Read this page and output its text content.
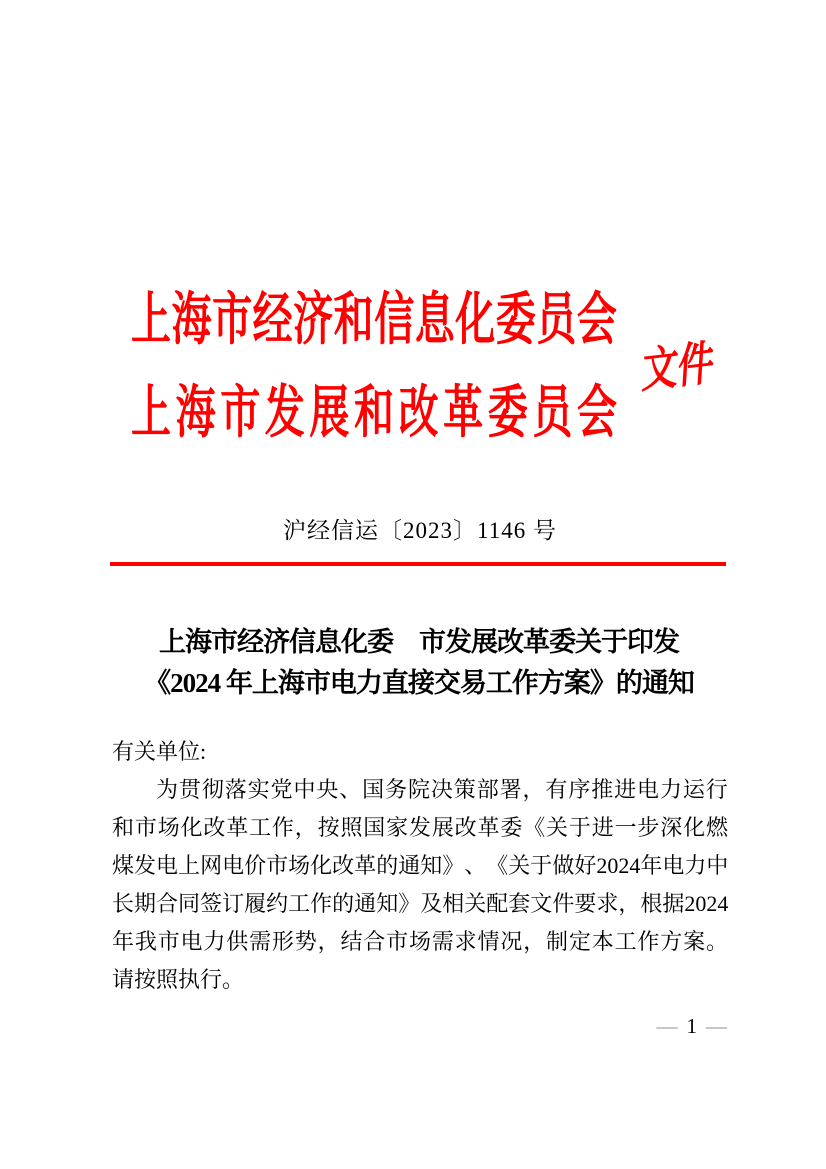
上 海 市 经 济 和 信 息 化 委 员 会
上 海 市 发 展 和 改 革 委 员 会
文件
沪经信运〔2023〕1146 号
上海市经济信息化委　市发展改革委关于印发
《2024 年上海市电力直接交易工作方案》的通知
有关单位:
为 贯 彻 落 实 党 中 央 、 国 务 院 决 策 部 署 ， 有 序 推 进 电 力 运 行
和 市 场 化 改 革 工 作 ， 按 照 国 家 发 展 改 革 委 《 关 于 进 一 步 深 化 燃
煤 发 电 上 网 电 价 市 场 化 改 革 的 通 知 》 、 《 关 于 做 好 2024 年 电 力 中
长 期 合 同 签 订 履 约 工 作 的 通 知 》 及 相 关 配 套 文 件 要 求 ， 根 据 2024
年 我 市 电 力 供 需 形 势 ， 结 合 市 场 需 求 情 况 ， 制 定 本 工 作 方 案 。
请按照执行。
— 1 —
